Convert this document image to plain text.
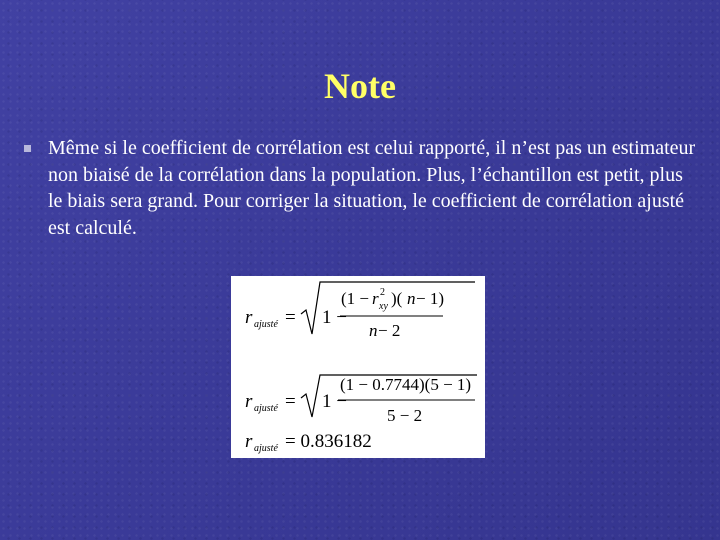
Note
Même si le coefficient de corrélation est celui rapporté, il n’est pas un estimateur non biaisé de la corrélation dans la population. Plus, l’échantillon est petit, plus le biais sera grand. Pour corriger la situation, le coefficient de corrélation ajusté est calculé.
r ajusté = 1 −
(1 − r 2
xy )( n − 1)
n − 2
r ajusté = 1 −
(1 − 0.7744)(5 − 1)
5 − 2
r ajusté = 0.836182
